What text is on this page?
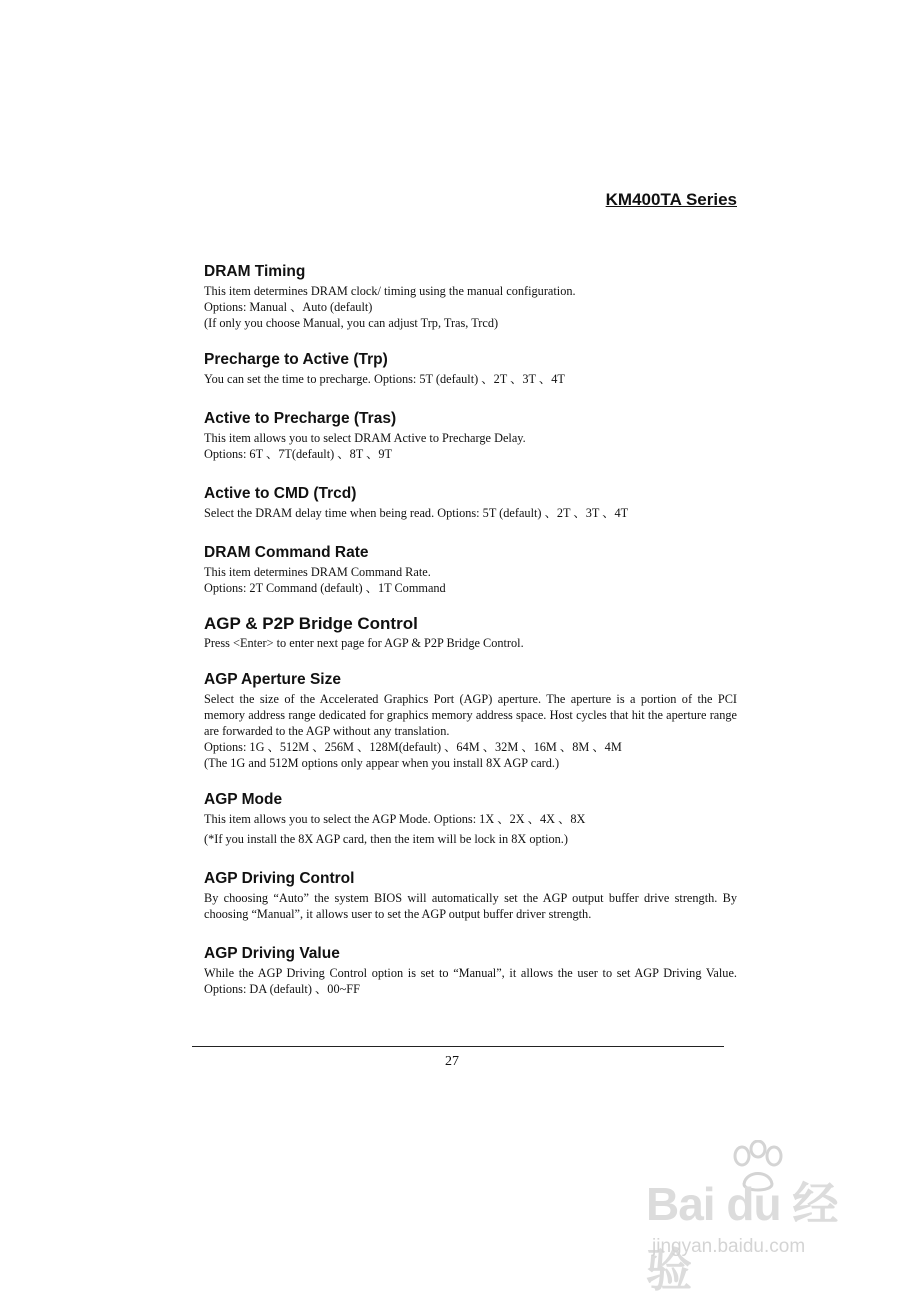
KM400TA Series
DRAM Timing

This item determines DRAM clock/ timing using the manual configuration.

Options: Manual 、Auto (default)

(If only you choose Manual, you can adjust Trp, Tras, Trcd)

Precharge to Active (Trp)

You can set the time to precharge. Options: 5T (default) 、2T 、3T 、4T

Active to Precharge (Tras)

This item allows you to select DRAM Active to Precharge Delay.

Options: 6T 、7T(default) 、8T 、9T

Active to CMD (Trcd)

Select the DRAM delay time when being read. Options: 5T (default) 、2T 、3T 、4T

DRAM Command Rate

This item determines DRAM Command Rate.

Options: 2T Command (default) 、1T Command

AGP & P2P Bridge Control

Press <Enter> to enter next page for AGP & P2P Bridge Control.

AGP Aperture Size

Select the size of the Accelerated Graphics Port (AGP) aperture. The aperture is a portion of the PCI memory address range dedicated for graphics memory address space. Host cycles that hit the aperture range are forwarded to the AGP without any translation.

Options: 1G 、512M 、256M 、128M(default) 、64M 、32M 、16M 、8M 、4M

(The 1G and 512M options only appear when you install 8X AGP card.)

AGP Mode

This item allows you to select the AGP Mode. Options: 1X 、2X 、4X 、8X

(*If you install the 8X AGP card, then the item will be lock in 8X option.)

AGP Driving Control

By choosing “Auto” the system BIOS will automatically set the AGP output buffer drive strength. By choosing “Manual”, it allows user to set the AGP output buffer driver strength.

AGP Driving Value

While the AGP Driving Control option is set to “Manual”, it allows the user to set AGP Driving Value. Options: DA (default) 、00~FF

27
Bai du 经验
jingyan.baidu.com
